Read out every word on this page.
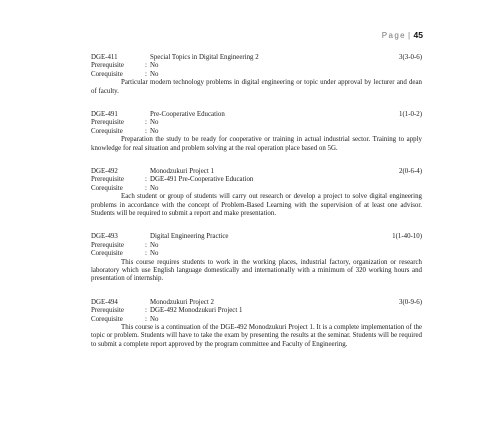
Page | 45
DGE-411	Special Topics in Digital Engineering 2	3(3-0-6)
Prerequisite	: No
Corequisite	: No

Particular modern technology problems in digital engineering or topic under approval by lecturer and dean of faculty.

DGE-491	Pre-Cooperative Education	1(1-0-2)
Prerequisite	: No
Corequisite	: No

Preparation the study to be ready for cooperative or training in actual industrial sector. Training to apply knowledge for real situation and problem solving at the real operation place based on 5G.

DGE-492	Monodzukuri Project 1	2(0-6-4)
Prerequisite	: DGE-491 Pre-Cooperative Education
Corequisite	: No

Each student or group of students will carry out research or develop a project to solve digital engineering problems in accordance with the concept of Problem-Based Learning with the supervision of at least one advisor. Students will be required to submit a report and make presentation.

DGE-493	Digital Engineering Practice	1(1-40-10)
Prerequisite	: No
Corequisite	: No

This course requires students to work in the working places, industrial factory, organization or research laboratory which use English language domestically and internationally with a minimum of 320 working hours and presentation of internship.

DGE-494	Monodzukuri Project 2	3(0-9-6)
Prerequisite	: DGE-492 Monodzukuri Project 1
Corequisite	: No

This course is a continuation of the DGE-492 Monodzukuri Project 1. It is a complete implementation of the topic or problem. Students will have to take the exam by presenting the results at the seminar. Students will be required to submit a complete report approved by the program committee and Faculty of Engineering.
